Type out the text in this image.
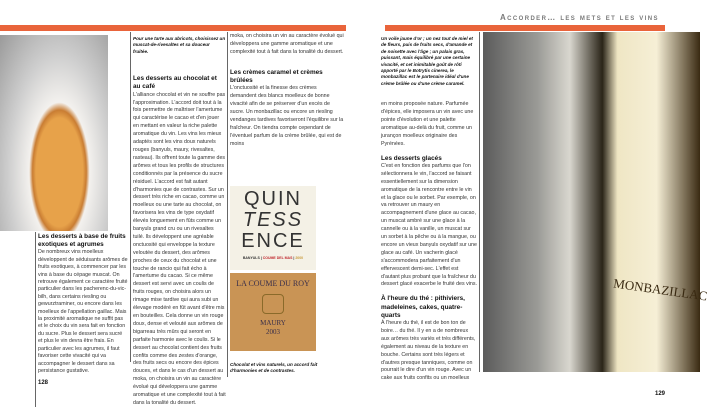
Les desserts à base de fruits exotiques et agrumes
De nombreux vins moelleux développent de séduisants arômes de fruits exotiques, à commencer par les vins à base du cépage muscat. On retrouve également ce caractère fruité particulier dans les pacherenc-du-vic-bilh, dans certains riesling ou gewurztraminer, ou encore dans les moelleux de l'appellation gaillac. Mais la proximité aromatique ne suffit pas et le choix du vin sera fait en fonction du sucre. Plus le dessert sera sucré et plus le vin devra être frais. En particulier avec les agrumes, il faut favoriser cette vivacité qui va accompagner le dessert dans sa persistance gustative.
128
Pour une tarte aux abricots, choisissez un muscat-de-rivesaltes et sa douceur fruitée.
Les desserts au chocolat et au café
L'alliance chocolat et vin ne souffre pas l'approximation. L'accord doit tout à la fois permettre de maîtriser l'amertume qui caractérise le cacao et d'en jouer en mettant en valeur la riche palette aromatique du vin. Les vins les mieux adaptés sont les vins doux naturels rouges (banyuls, maury, rivesaltes, rasteau). Ils offrent toute la gamme des arômes et tous les profils de structures conditionnés par la présence du sucre résiduel. L'accord est fait autant d'harmonies que de contrastes. Sur un dessert très riche en cacao, comme un moelleux ou une tarte au chocolat, on favorisera les vins de type oxydatif élevés longuement en fûts comme un banyuls grand cru ou un rivesaltes tuilé. Ils développent une agréable onctuosité qui enveloppe la texture veloutée du dessert, des arômes proches de ceux du chocolat et une touche de rancio qui fait écho à l'amertume du cacao. Si ce même dessert est servi avec un coulis de fruits rouges, on choisira alors un rimage mise tardive qui aura subi un élevage modéré en fût avant d'être mis en bouteilles. Cela donne un vin rouge doux, dense et velouté aux arômes de bigarreau très mûrs qui seront en parfaite harmonie avec le coulis. Si le dessert au chocolat contient des fruits confits comme des zestes d'orange, des fruits secs ou encore des épices douces, et dans le cas d'un dessert au moka, on choisira un vin au caractère évolué qui développera une gamme aromatique et une complexité tout à fait dans la tonalité du dessert.
moka, on choisira un vin au caractère évolué qui développera une gamme aromatique et une complexité tout à fait dans la tonalité du dessert.
Les crèmes caramel et crèmes brûlées
L'onctuosité et la finesse des crèmes demandent des blancs moelleux de bonne vivacité afin de se préserver d'un excès de sucre. Un monbazillac ou encore un riesling vendanges tardives favoriseront l'équilibre sur la fraîcheur. On tiendra compte cependant de l'éventuel parfum de la crème brûlée, qui est de moins
QUIN
TESS
ENCE
BANYULS | COUME DEL MAS | 2000
LA COUME DU ROY
MAURY
2003
Chocolat et vins naturels, un accord fait d'harmonies et de contrastes.
Accorder… les mets et les vins
Un voile jaune d'or ; un nez tout de miel et de fleurs, puis de fruits secs, d'amande et de noisette avec l'âge ; un palais gras, puissant, mais équilibré par une certaine vivacité, et cet inimitable goût de rôti apporté par le Botrytis cinerea, le monbazillac est le partenaire idéal d'une crème brûlée ou d'une crème caramel.
en moins proposée nature. Parfumée d'épices, elle imposera un vin avec une pointe d'évolution et une palette aromatique au-delà du fruit, comme un jurançon moelleux originaire des Pyrénées.
Les desserts glacés
C'est en fonction des parfums que l'on sélectionnera le vin, l'accord se faisant essentiellement sur la dimension aromatique de la rencontre entre le vin et la glace ou le sorbet. Par exemple, on va retrouver un maury en accompagnement d'une glace au cacao, un muscat ambré sur une glace à la cannelle ou à la vanille, un muscat sur un sorbet à la pêche ou à la mangue, ou encore un vieux banyuls oxydatif sur une glace au café. Un vacherin glacé s'accommodera parfaitement d'un effervescent demi-sec. L'effet est d'autant plus probant que la fraîcheur du dessert glacé exacerbe le fruité des vins.
À l'heure du thé : pithiviers, madeleines, cakes, quatre-quarts
À l'heure du thé, il est de bon ton de boire… du thé. Il y en a de nombreux aux arômes très variés et très différents, également au niveau de la texture en bouche. Certains sont très légers et d'autres presque tanniques, comme on pourrait le dire d'un vin rouge. Avec un cake aux fruits confits ou un moelleux
MONBAZILLAC
129
